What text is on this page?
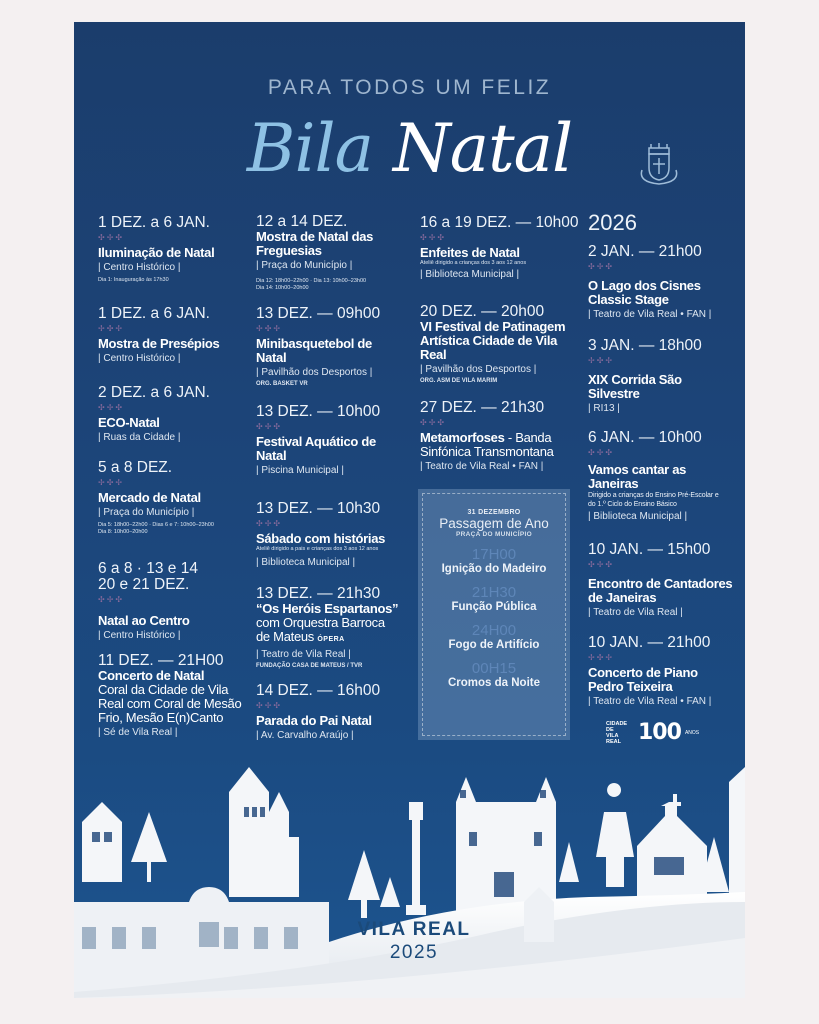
PARA TODOS UM FELIZ
Bila Natal
1 DEZ. a 6 JAN.
✣✢✣
Iluminação de Natal
| Centro Histórico |
Dia 1: Inauguração às 17h30
1 DEZ. a 6 JAN.
✢✣✢
Mostra de Presépios
| Centro Histórico |
2 DEZ. a 6 JAN.
✣✢✣
ECO-Natal
| Ruas da Cidade |
5 a 8 DEZ.
✢✣✢
Mercado de Natal
| Praça do Município |
Dia 5: 18h00–22h00 · Dias 6 e 7: 10h00–23h00
Dia 8: 10h00–20h00
6 a 8 · 13 e 14
20 e 21 DEZ.
✣✢✣
Natal ao Centro
| Centro Histórico |
11 DEZ. — 21H00
Concerto de Natal
Coral da Cidade de Vila Real com Coral de Mesão Frio, Mesão E(n)Canto
| Sé de Vila Real |
12 a 14 DEZ.
Mostra de Natal das Freguesias
| Praça do Município |
Dia 12: 18h00–22h00 · Dia 13: 10h00–23h00
Dia 14: 10h00–20h00
13 DEZ. — 09h00
✢✣✢
Minibasquetebol de Natal
| Pavilhão dos Desportos |
ORG. BASKET VR
13 DEZ. — 10h00
✣✢✣
Festival Aquático de Natal
| Piscina Municipal |
13 DEZ. — 10h30
✣✢✣
Sábado com histórias
Ateliê dirigido a pais e crianças dos 3 aos 12 anos
| Biblioteca Municipal |
13 DEZ. — 21h30
“Os Heróis Espartanos”
com Orquestra Barroca de Mateus ÓPERA
| Teatro de Vila Real |
FUNDAÇÃO CASA DE MATEUS / TVR
14 DEZ. — 16h00
✣✢✣
Parada do Pai Natal
| Av. Carvalho Araújo |
16 a 19 DEZ. — 10h00
✣✢✣
Enfeites de Natal
Ateliê dirigido a crianças dos 3 aos 12 anos
| Biblioteca Municipal |
20 DEZ. — 20h00
VI Festival de Patinagem Artística Cidade de Vila Real
| Pavilhão dos Desportos |
ORG. ASM DE VILA MARIM
27 DEZ. — 21h30
✣✢✣
Metamorfoses - Banda Sinfónica Transmontana
| Teatro de Vila Real • FAN |
31 DEZEMBRO
Passagem de Ano
PRAÇA DO MUNICÍPIO
17H00
Ignição do Madeiro
21H30
Função Pública
24H00
Fogo de Artifício
00H15
Cromos da Noite
2026
2 JAN. — 21h00
✣✢✣
O Lago dos Cisnes Classic Stage
| Teatro de Vila Real • FAN |
3 JAN. — 18h00
✢✣✢
XIX Corrida São Silvestre
| RI13 |
6 JAN. — 10h00
✣✢✣
Vamos cantar as Janeiras
Dirigido a crianças do Ensino Pré-Escolar e
do 1.º Ciclo do Ensino Básico
| Biblioteca Municipal |
10 JAN. — 15h00
✣✢✣
Encontro de Cantadores de Janeiras
| Teatro de Vila Real |
10 JAN. — 21h00
✢✣✢
Concerto de Piano Pedro Teixeira
| Teatro de Vila Real • FAN |
CIDADE DE
VILA REAL 100 ANOS
VILA REAL
2025
